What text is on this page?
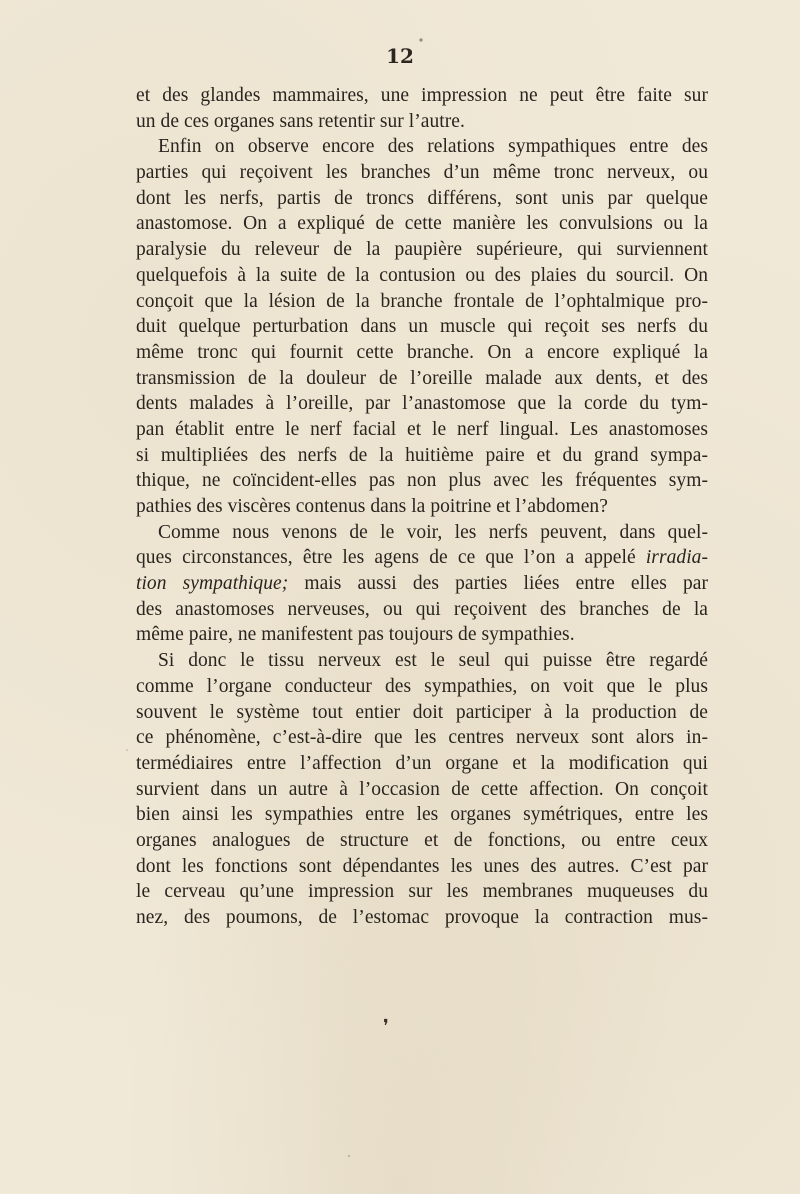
12
et des glandes mammaires, une impression ne peut être faite sur
un de ces organes sans retentir sur l’autre.
Enfin on observe encore des relations sympathiques entre des
parties qui reçoivent les branches d’un même tronc nerveux, ou
dont les nerfs, partis de troncs différens, sont unis par quelque
anastomose. On a expliqué de cette manière les convulsions ou la
paralysie du releveur de la paupière supérieure, qui surviennent
quelquefois à la suite de la contusion ou des plaies du sourcil. On
conçoit que la lésion de la branche frontale de l’ophtalmique pro-
duit quelque perturbation dans un muscle qui reçoit ses nerfs du
même tronc qui fournit cette branche. On a encore expliqué la
transmission de la douleur de l’oreille malade aux dents, et des
dents malades à l’oreille, par l’anastomose que la corde du tym-
pan établit entre le nerf facial et le nerf lingual. Les anastomoses
si multipliées des nerfs de la huitième paire et du grand sympa-
thique, ne coïncident-elles pas non plus avec les fréquentes sym-
pathies des viscères contenus dans la poitrine et l’abdomen?
Comme nous venons de le voir, les nerfs peuvent, dans quel-
ques circonstances, être les agens de ce que l’on a appelé irradia-
tion sympathique; mais aussi des parties liées entre elles par
des anastomoses nerveuses, ou qui reçoivent des branches de la
même paire, ne manifestent pas toujours de sympathies.
Si donc le tissu nerveux est le seul qui puisse être regardé
comme l’organe conducteur des sympathies, on voit que le plus
souvent le système tout entier doit participer à la production de
ce phénomène, c’est-à-dire que les centres nerveux sont alors in-
termédiaires entre l’affection d’un organe et la modification qui
survient dans un autre à l’occasion de cette affection. On conçoit
bien ainsi les sympathies entre les organes symétriques, entre les
organes analogues de structure et de fonctions, ou entre ceux
dont les fonctions sont dépendantes les unes des autres. C’est par
le cerveau qu’une impression sur les membranes muqueuses du
nez, des poumons, de l’estomac provoque la contraction mus-
❜
